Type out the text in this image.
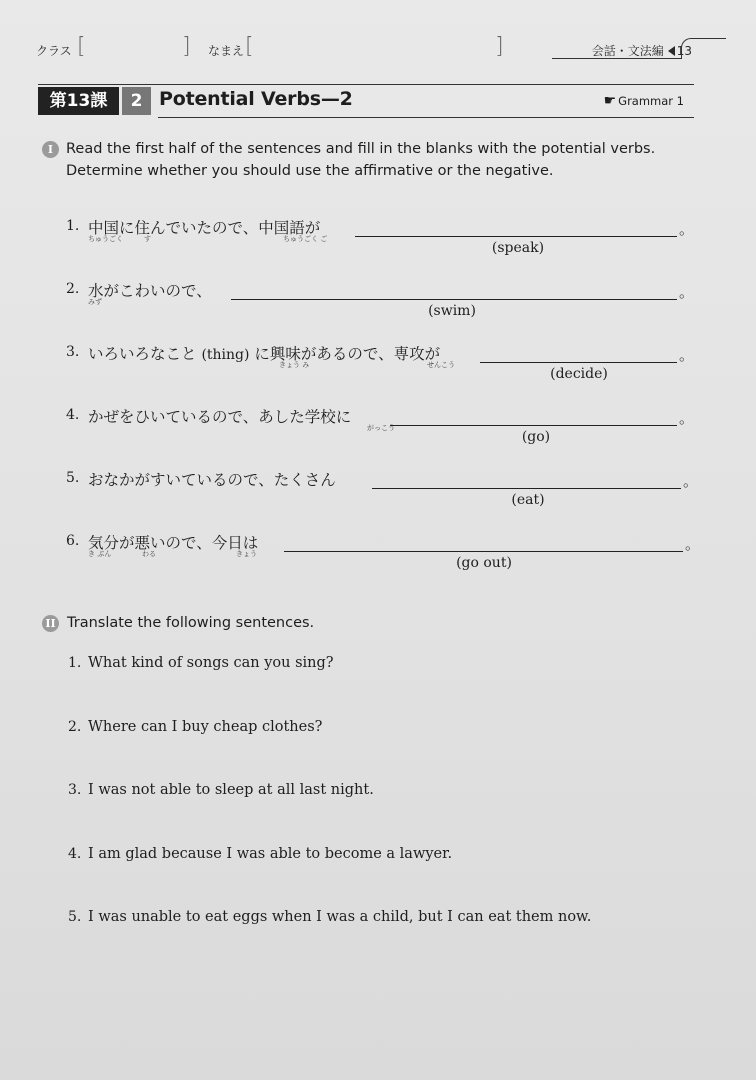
クラス [	] なまえ [	]	会話・文法編 13
第13課	2 Potential Verbs—2	☛ Grammar 1
I Read the first half of the sentences and fill in the blanks with the potential verbs.
Determine whether you should use the affirmative or the negative.
1. 中国に住んでいたので、中国語が
ちゅうごく	す	ちゅうごく ご
。
(speak)
2. 水がこわいので、
みず
。
(swim)
3. いろいろなこと (thing) に興味があるので、専攻が
きょう み	せんこう
。
(decide)
4. かぜをひいているので、あした学校に
がっこう
。
(go)
5. おなかがすいているので、たくさん	。
(eat)
6. 気分が悪いので、今日は
き ぶん	わる	きょう
。
(go out)
II Translate the following sentences.
1. What kind of songs can you sing?
2. Where can I buy cheap clothes?
3. I was not able to sleep at all last night.
4. I am glad because I was able to become a lawyer.
5. I was unable to eat eggs when I was a child, but I can eat them now.
